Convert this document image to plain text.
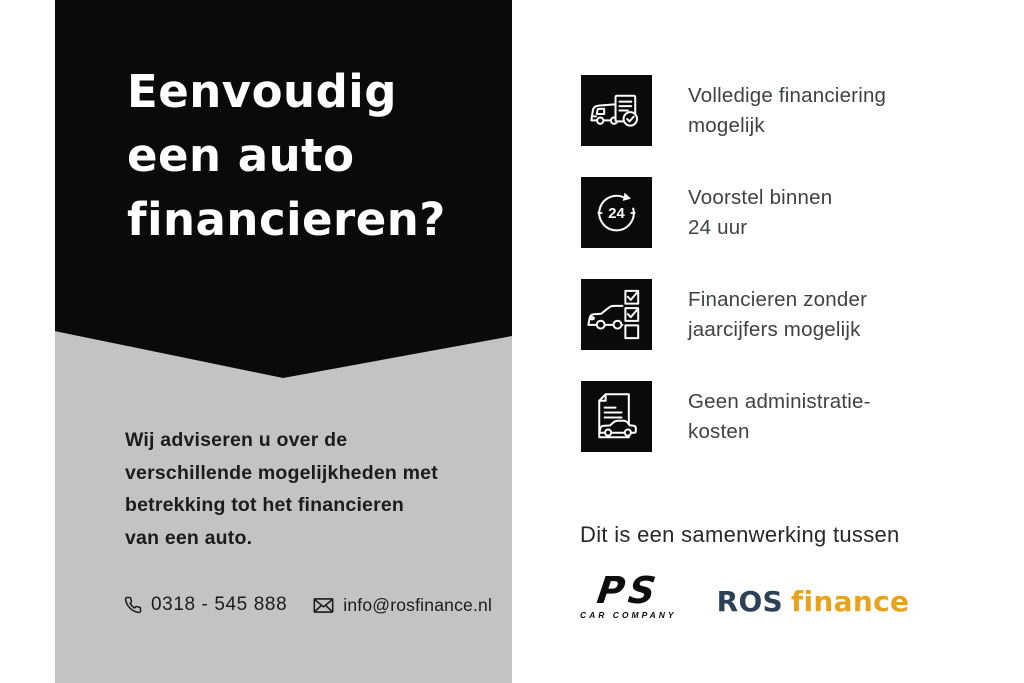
Eenvoudig
een auto
financieren?
Wij adviseren u over de
verschillende mogelijkheden met
betrekking tot het financieren
van een auto.
0318 - 545 888	info@rosfinance.nl
Volledige financiering
mogelijk
24
Voorstel binnen
24 uur
Financieren zonder
jaarcijfers mogelijk
Geen administratie-
kosten
Dit is een samenwerking tussen
PS
CAR COMPANY ROS finance
